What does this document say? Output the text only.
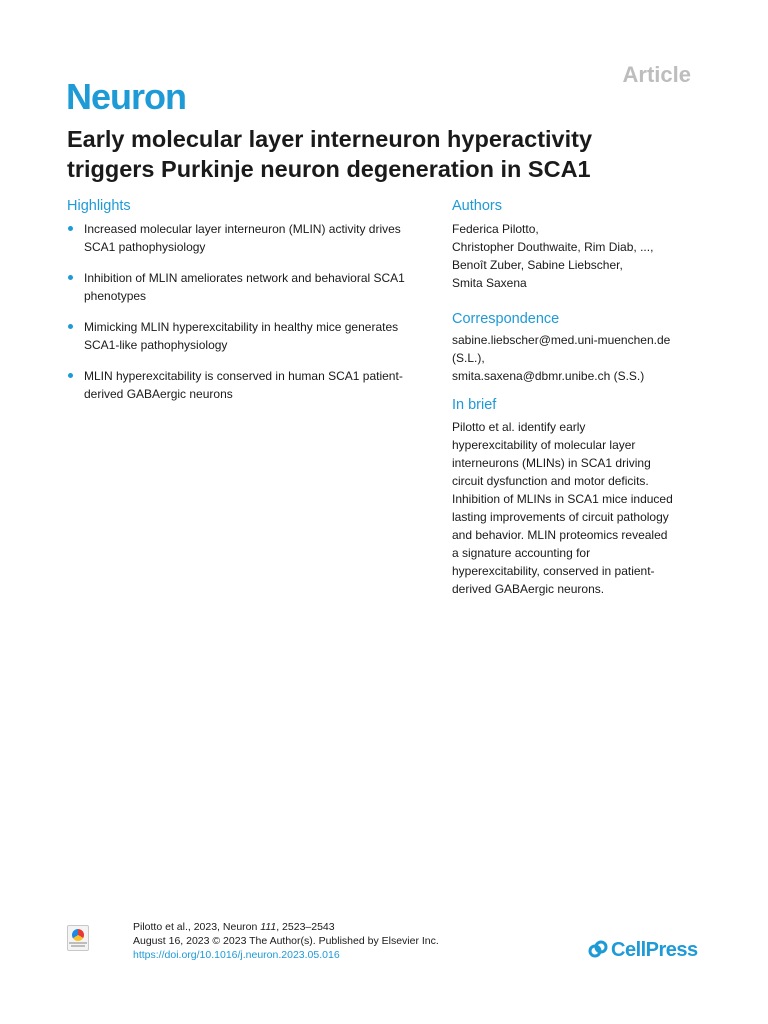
Article
Neuron
Early molecular layer interneuron hyperactivity
triggers Purkinje neuron degeneration in SCA1
Highlights
Increased molecular layer interneuron (MLIN) activity drives
SCA1 pathophysiology
Inhibition of MLIN ameliorates network and behavioral SCA1
phenotypes
Mimicking MLIN hyperexcitability in healthy mice generates
SCA1-like pathophysiology
MLIN hyperexcitability is conserved in human SCA1 patient-
derived GABAergic neurons
Authors
Federica Pilotto,
Christopher Douthwaite, Rim Diab, ...,
Benoît Zuber, Sabine Liebscher,
Smita Saxena
Correspondence
sabine.liebscher@med.uni-muenchen.de
(S.L.),
smita.saxena@dbmr.unibe.ch (S.S.)
In brief
Pilotto et al. identify early
hyperexcitability of molecular layer
interneurons (MLINs) in SCA1 driving
circuit dysfunction and motor deficits.
Inhibition of MLINs in SCA1 mice induced
lasting improvements of circuit pathology
and behavior. MLIN proteomics revealed
a signature accounting for
hyperexcitability, conserved in patient-
derived GABAergic neurons.
Pilotto et al., 2023, Neuron 111, 2523–2543
August 16, 2023 © 2023 The Author(s). Published by Elsevier Inc.
https://doi.org/10.1016/j.neuron.2023.05.016	CellPress
